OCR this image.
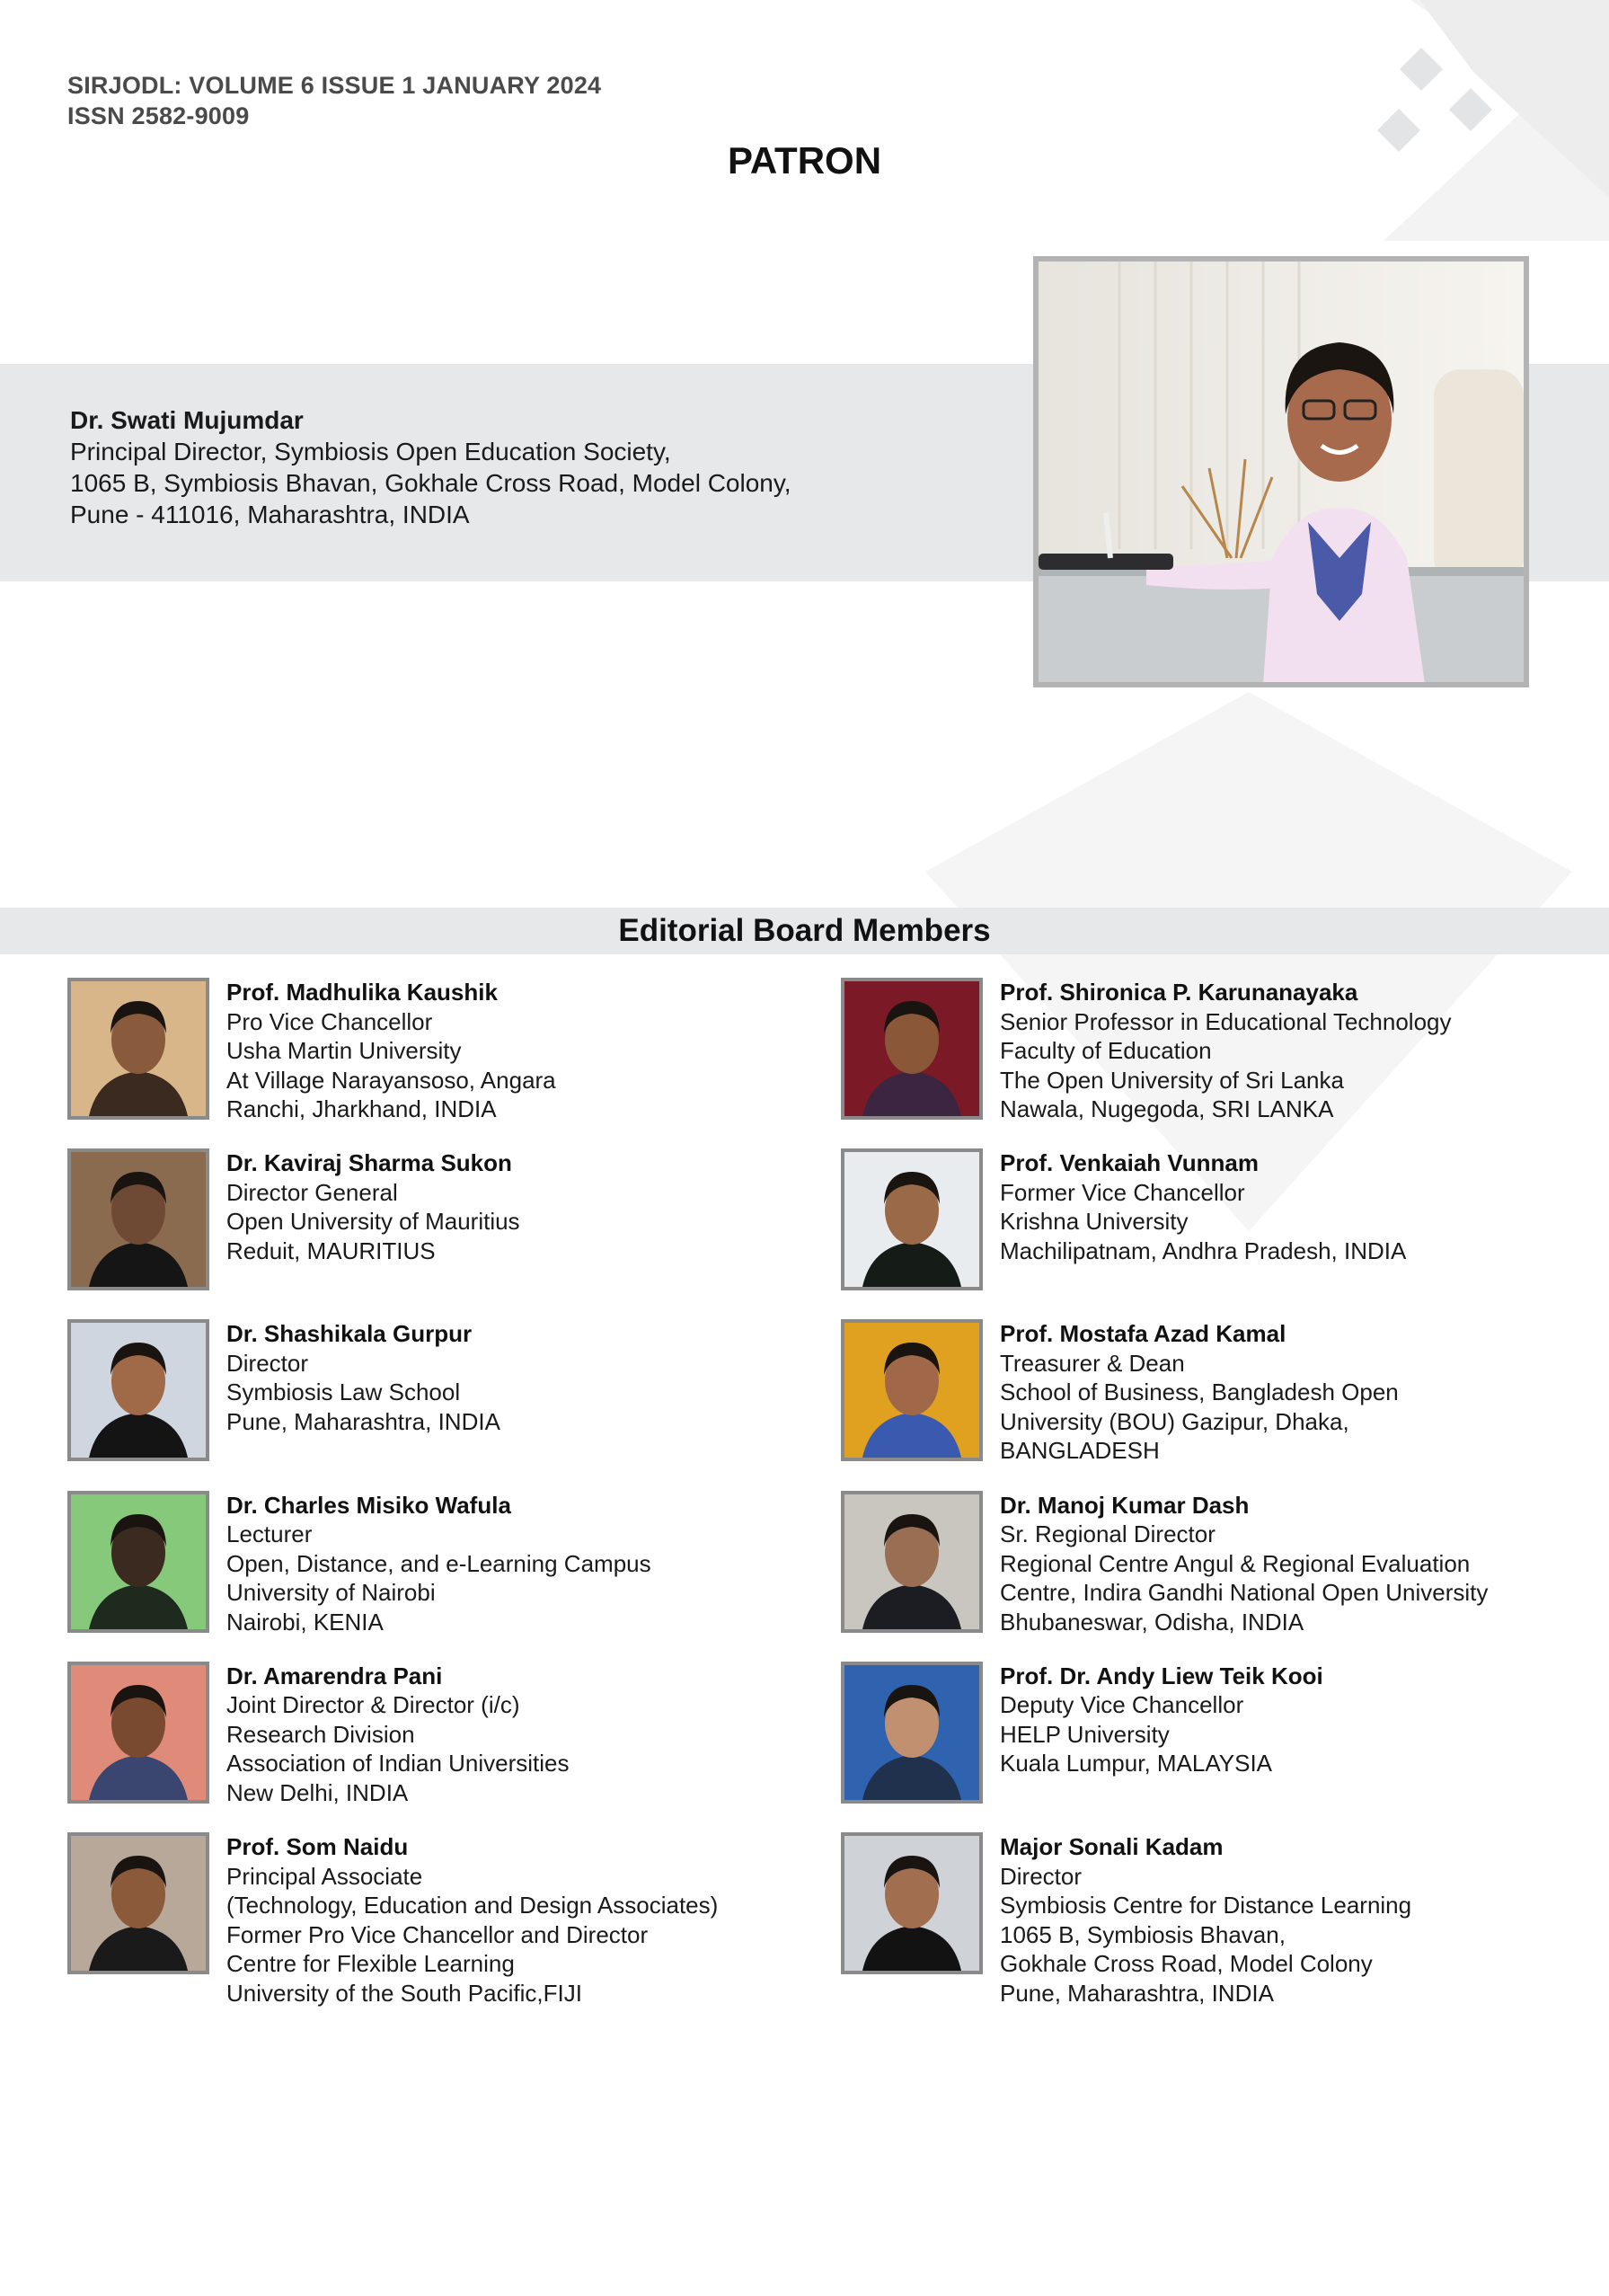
SIRJODL: VOLUME 6 ISSUE 1 JANUARY 2024
ISSN 2582-9009
PATRON
Dr. Swati Mujumdar
Principal Director, Symbiosis Open Education Society,
1065 B, Symbiosis Bhavan, Gokhale Cross Road, Model Colony,
Pune - 411016, Maharashtra, INDIA
Editorial Board Members
Prof. Madhulika Kaushik
Pro Vice Chancellor
Usha Martin University
At Village Narayansoso, Angara
Ranchi, Jharkhand, INDIA
Dr. Kaviraj Sharma Sukon
Director General
Open University of Mauritius
Reduit, MAURITIUS
Dr. Shashikala Gurpur
Director
Symbiosis Law School
Pune, Maharashtra, INDIA
Dr. Charles Misiko Wafula
Lecturer
Open, Distance, and e-Learning Campus
University of Nairobi
Nairobi, KENIA
Dr. Amarendra Pani
Joint Director & Director (i/c)
Research Division
Association of Indian Universities
New Delhi, INDIA
Prof. Som Naidu
Principal Associate
(Technology, Education and Design Associates)
Former Pro Vice Chancellor and Director
Centre for Flexible Learning
University of the South Pacific,FIJI
Prof. Shironica P. Karunanayaka
Senior Professor in Educational Technology
Faculty of Education
The Open University of Sri Lanka
Nawala, Nugegoda, SRI LANKA
Prof. Venkaiah Vunnam
Former Vice Chancellor
Krishna University
Machilipatnam, Andhra Pradesh, INDIA
Prof. Mostafa Azad Kamal
Treasurer & Dean
School of Business, Bangladesh Open
University (BOU) Gazipur, Dhaka,
BANGLADESH
Dr. Manoj Kumar Dash
Sr. Regional Director
Regional Centre Angul & Regional Evaluation
Centre, Indira Gandhi National Open University
Bhubaneswar, Odisha, INDIA
Prof. Dr. Andy Liew Teik Kooi
Deputy Vice Chancellor
HELP University
Kuala Lumpur, MALAYSIA
Major Sonali Kadam
Director
Symbiosis Centre for Distance Learning
1065 B, Symbiosis Bhavan,
Gokhale Cross Road, Model Colony
Pune, Maharashtra, INDIA
